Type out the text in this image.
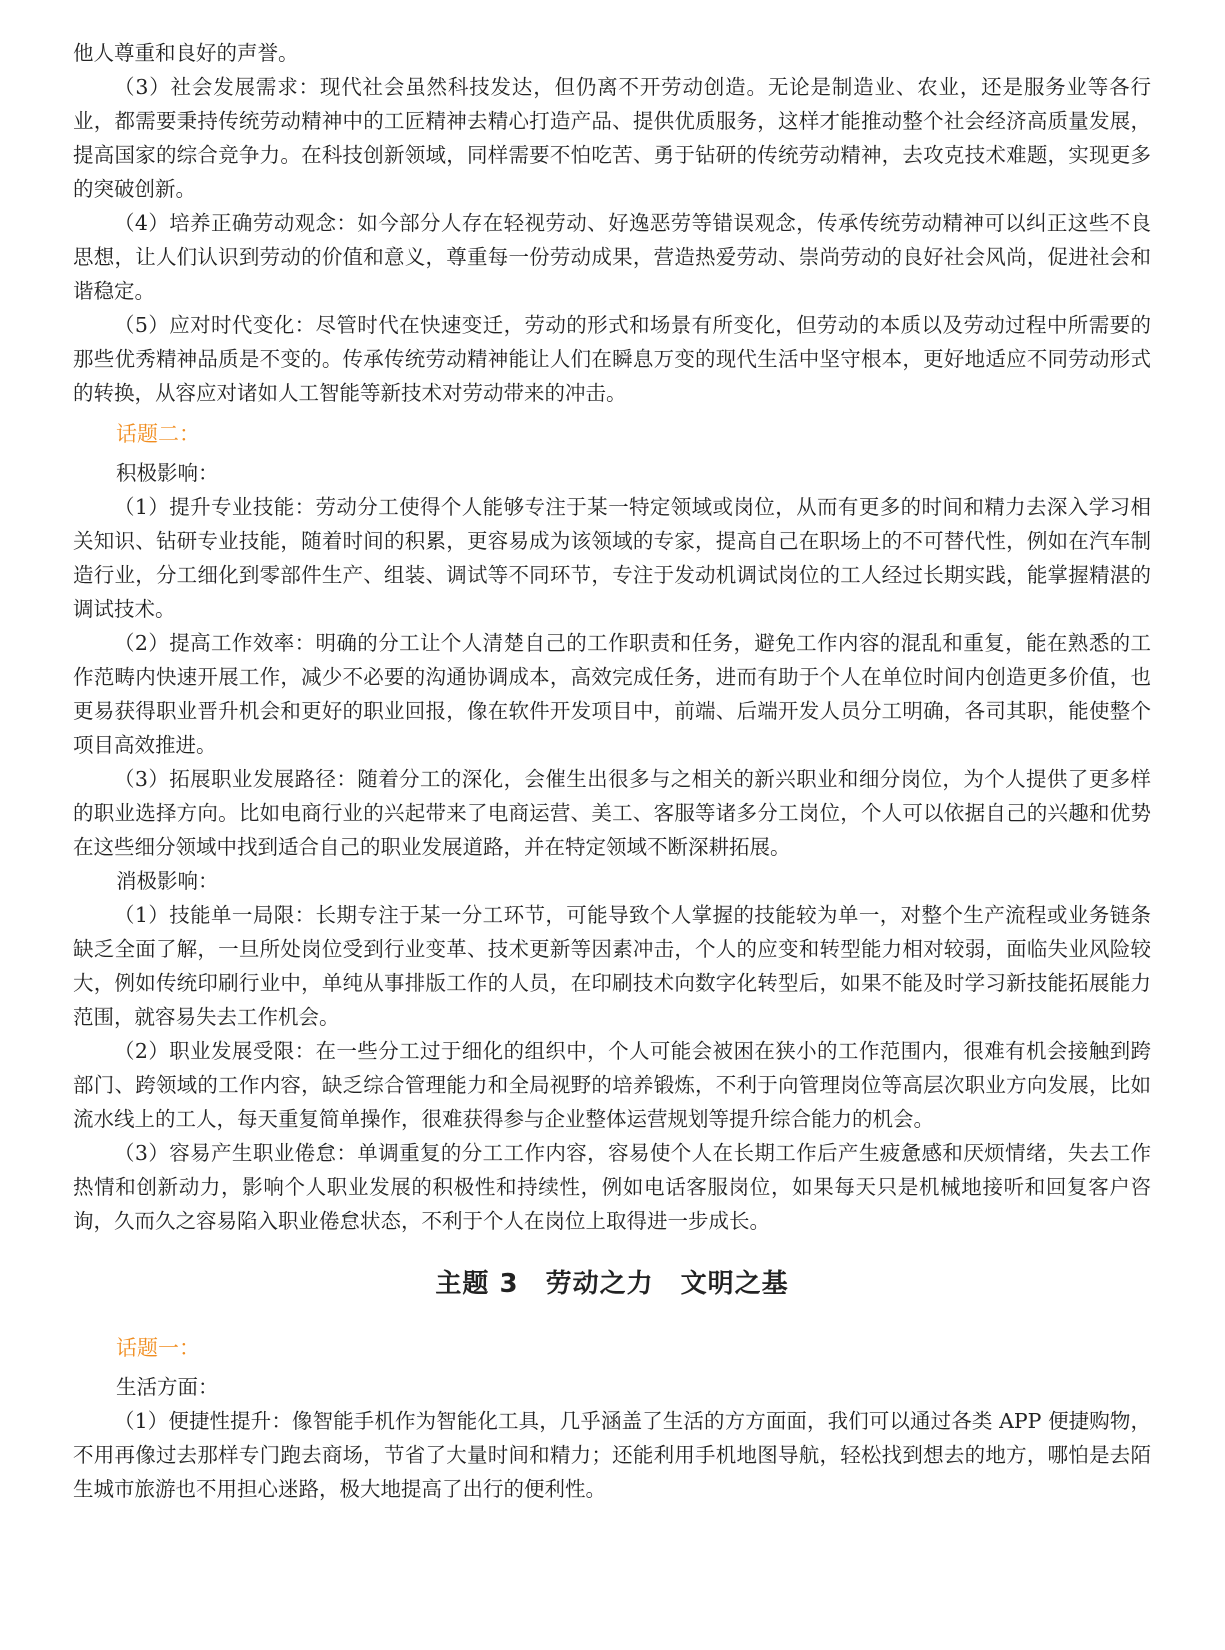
他人尊重和良好的声誉。

（3）社会发展需求：现代社会虽然科技发达，但仍离不开劳动创造。无论是制造业、农业，还是服务业等各行业，都需要秉持传统劳动精神中的工匠精神去精心打造产品、提供优质服务，这样才能推动整个社会经济高质量发展，提高国家的综合竞争力。在科技创新领域，同样需要不怕吃苦、勇于钻研的传统劳动精神，去攻克技术难题，实现更多的突破创新。

（4）培养正确劳动观念：如今部分人存在轻视劳动、好逸恶劳等错误观念，传承传统劳动精神可以纠正这些不良思想，让人们认识到劳动的价值和意义，尊重每一份劳动成果，营造热爱劳动、崇尚劳动的良好社会风尚，促进社会和谐稳定。

（5）应对时代变化：尽管时代在快速变迁，劳动的形式和场景有所变化，但劳动的本质以及劳动过程中所需要的那些优秀精神品质是不变的。传承传统劳动精神能让人们在瞬息万变的现代生活中坚守根本，更好地适应不同劳动形式的转换，从容应对诸如人工智能等新技术对劳动带来的冲击。

话题二：

积极影响：

（1）提升专业技能：劳动分工使得个人能够专注于某一特定领域或岗位，从而有更多的时间和精力去深入学习相关知识、钻研专业技能，随着时间的积累，更容易成为该领域的专家，提高自己在职场上的不可替代性，例如在汽车制造行业，分工细化到零部件生产、组装、调试等不同环节，专注于发动机调试岗位的工人经过长期实践，能掌握精湛的调试技术。

（2）提高工作效率：明确的分工让个人清楚自己的工作职责和任务，避免工作内容的混乱和重复，能在熟悉的工作范畴内快速开展工作，减少不必要的沟通协调成本，高效完成任务，进而有助于个人在单位时间内创造更多价值，也更易获得职业晋升机会和更好的职业回报，像在软件开发项目中，前端、后端开发人员分工明确，各司其职，能使整个项目高效推进。

（3）拓展职业发展路径：随着分工的深化，会催生出很多与之相关的新兴职业和细分岗位，为个人提供了更多样的职业选择方向。比如电商行业的兴起带来了电商运营、美工、客服等诸多分工岗位，个人可以依据自己的兴趣和优势在这些细分领域中找到适合自己的职业发展道路，并在特定领域不断深耕拓展。

消极影响：

（1）技能单一局限：长期专注于某一分工环节，可能导致个人掌握的技能较为单一，对整个生产流程或业务链条缺乏全面了解，一旦所处岗位受到行业变革、技术更新等因素冲击，个人的应变和转型能力相对较弱，面临失业风险较大，例如传统印刷行业中，单纯从事排版工作的人员，在印刷技术向数字化转型后，如果不能及时学习新技能拓展能力范围，就容易失去工作机会。

（2）职业发展受限：在一些分工过于细化的组织中，个人可能会被困在狭小的工作范围内，很难有机会接触到跨部门、跨领域的工作内容，缺乏综合管理能力和全局视野的培养锻炼，不利于向管理岗位等高层次职业方向发展，比如流水线上的工人，每天重复简单操作，很难获得参与企业整体运营规划等提升综合能力的机会。

（3）容易产生职业倦怠：单调重复的分工工作内容，容易使个人在长期工作后产生疲惫感和厌烦情绪，失去工作热情和创新动力，影响个人职业发展的积极性和持续性，例如电话客服岗位，如果每天只是机械地接听和回复客户咨询，久而久之容易陷入职业倦怠状态，不利于个人在岗位上取得进一步成长。

主题 3　劳动之力　文明之基
话题一：

生活方面：

（1）便捷性提升：像智能手机作为智能化工具，几乎涵盖了生活的方方面面，我们可以通过各类 APP 便捷购物，不用再像过去那样专门跑去商场，节省了大量时间和精力；还能利用手机地图导航，轻松找到想去的地方，哪怕是去陌生城市旅游也不用担心迷路，极大地提高了出行的便利性。
